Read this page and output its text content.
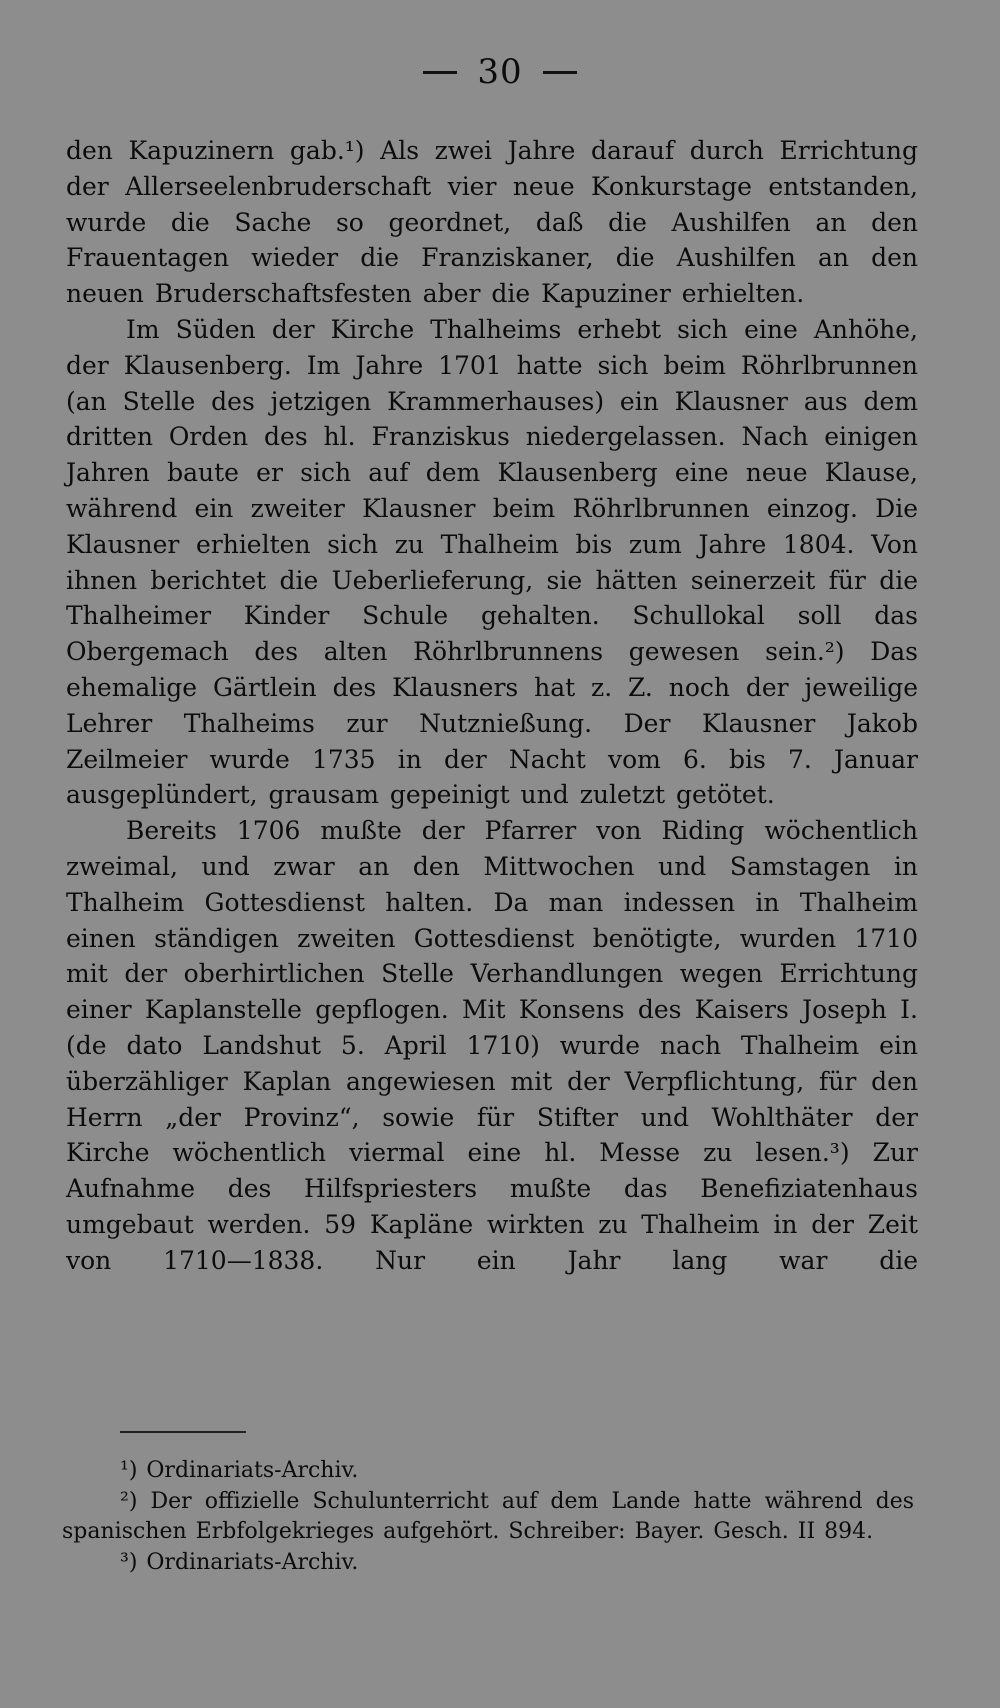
30

den Kapuzinern gab.¹) Als zwei Jahre darauf durch Errichtung der Allerseelenbruderschaft vier neue Konkurstage entstanden, wurde die Sache so geordnet, daß die Aushilfen an den Frauentagen wieder die Franziskaner, die Aushilfen an den neuen Bruderschaftsfesten aber die Kapuziner erhielten.

Im Süden der Kirche Thalheims erhebt sich eine Anhöhe, der Klausenberg. Im Jahre 1701 hatte sich beim Röhrlbrunnen (an Stelle des jetzigen Krammerhauses) ein Klausner aus dem dritten Orden des hl. Franziskus niedergelassen. Nach einigen Jahren baute er sich auf dem Klausenberg eine neue Klause, während ein zweiter Klausner beim Röhrlbrunnen einzog. Die Klausner erhielten sich zu Thalheim bis zum Jahre 1804. Von ihnen berichtet die Ueberlieferung, sie hätten seinerzeit für die Thalheimer Kinder Schule gehalten. Schullokal soll das Obergemach des alten Röhrlbrunnens gewesen sein.²) Das ehemalige Gärtlein des Klausners hat z. Z. noch der jeweilige Lehrer Thalheims zur Nutznießung. Der Klausner Jakob Zeilmeier wurde 1735 in der Nacht vom 6. bis 7. Januar ausgeplündert, grausam gepeinigt und zuletzt getötet.

Bereits 1706 mußte der Pfarrer von Riding wöchentlich zweimal, und zwar an den Mittwochen und Samstagen in Thalheim Gottesdienst halten. Da man indessen in Thalheim einen ständigen zweiten Gottesdienst benötigte, wurden 1710 mit der oberhirtlichen Stelle Verhandlungen wegen Errichtung einer Kaplanstelle gepflogen. Mit Konsens des Kaisers Joseph I. (de dato Landshut 5. April 1710) wurde nach Thalheim ein überzähliger Kaplan angewiesen mit der Verpflichtung, für den Herrn „der Provinz“, sowie für Stifter und Wohlthäter der Kirche wöchentlich viermal eine hl. Messe zu lesen.³) Zur Aufnahme des Hilfspriesters mußte das Benefiziatenhaus umgebaut werden. 59 Kapläne wirkten zu Thalheim in der Zeit von 1710—1838. Nur ein Jahr lang war die

¹) Ordinariats-Archiv.

²) Der offizielle Schulunterricht auf dem Lande hatte während des spanischen Erbfolgekrieges aufgehört. Schreiber: Bayer. Gesch. II 894.

³) Ordinariats-Archiv.
